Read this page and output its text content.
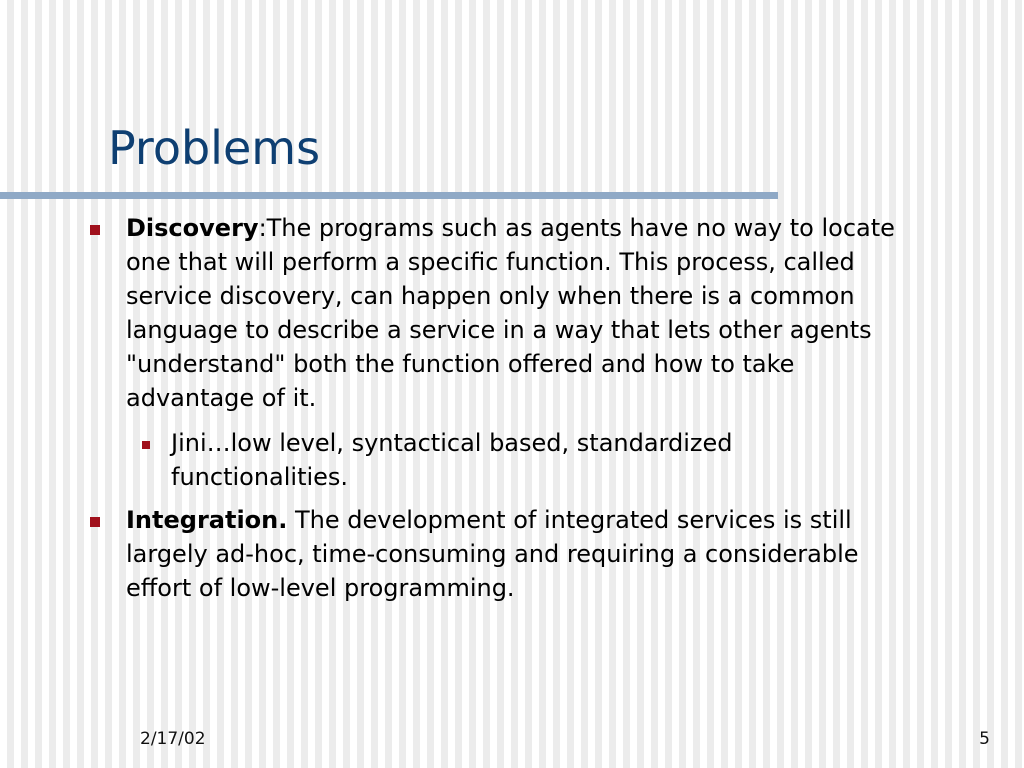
Problems
Discovery:The programs such as agents have no way to locate one that will perform a specific function. This process, called service discovery, can happen only when there is a common language to describe a service in a way that lets other agents "understand" both the function offered and how to take advantage of it.
Jini…low level, syntactical based, standardized functionalities.
Integration. The development of integrated services is still largely ad-hoc, time-consuming and requiring a considerable effort of low-level programming.
2/17/02	5
